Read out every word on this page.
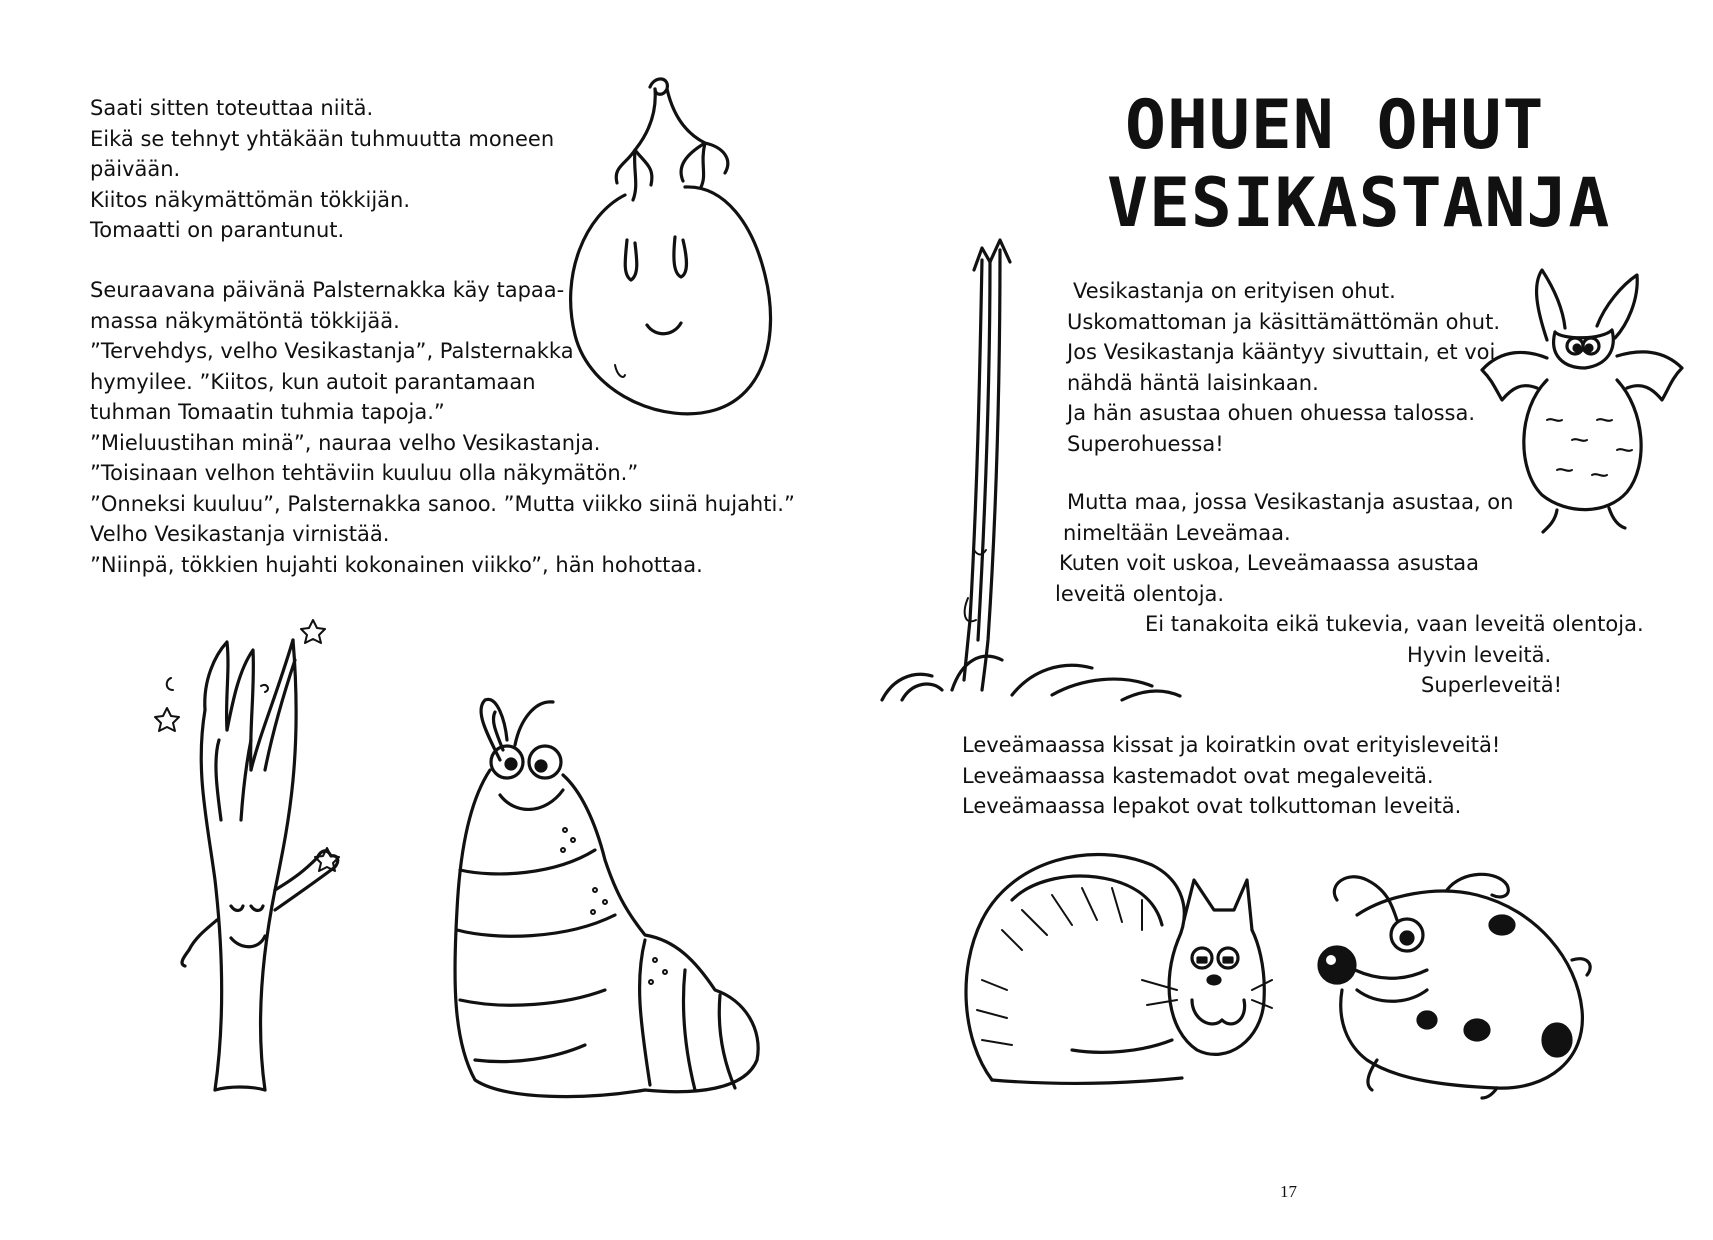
Saati sitten toteuttaa niitä.
Eikä se tehnyt yhtäkään tuhmuutta moneen
päivään.
Kiitos näkymättömän tökkijän.
Tomaatti on parantunut.
Seuraavana päivänä Palsternakka käy tapaa-
massa näkymätöntä tökkijää.
”Tervehdys, velho Vesikastanja”, Palsternakka
hymyilee. ”Kiitos, kun autoit parantamaan
tuhman Tomaatin tuhmia tapoja.”
”Mieluustihan minä”, nauraa velho Vesikastanja.
”Toisinaan velhon tehtäviin kuuluu olla näkymätön.”
”Onneksi kuuluu”, Palsternakka sanoo. ”Mutta viikko siinä hujahti.”
Velho Vesikastanja virnistää.
”Niinpä, tökkien hujahti kokonainen viikko”, hän hohottaa.
OHUEN OHUT
VESIKASTANJA
Vesikastanja on erityisen ohut.
Uskomattoman ja käsittämättömän ohut.
Jos Vesikastanja kääntyy sivuttain, et voi
nähdä häntä laisinkaan.
Ja hän asustaa ohuen ohuessa talossa.
Superohuessa!
Mutta maa, jossa Vesikastanja asustaa, on
nimeltään Leveämaa.
Kuten voit uskoa, Leveämaassa asustaa
leveitä olentoja.
Ei tanakoita eikä tukevia, vaan leveitä olentoja.
Hyvin leveitä.
Superleveitä!
Leveämaassa kissat ja koiratkin ovat erityisleveitä!
Leveämaassa kastemadot ovat megaleveitä.
Leveämaassa lepakot ovat tolkuttoman leveitä.
17
